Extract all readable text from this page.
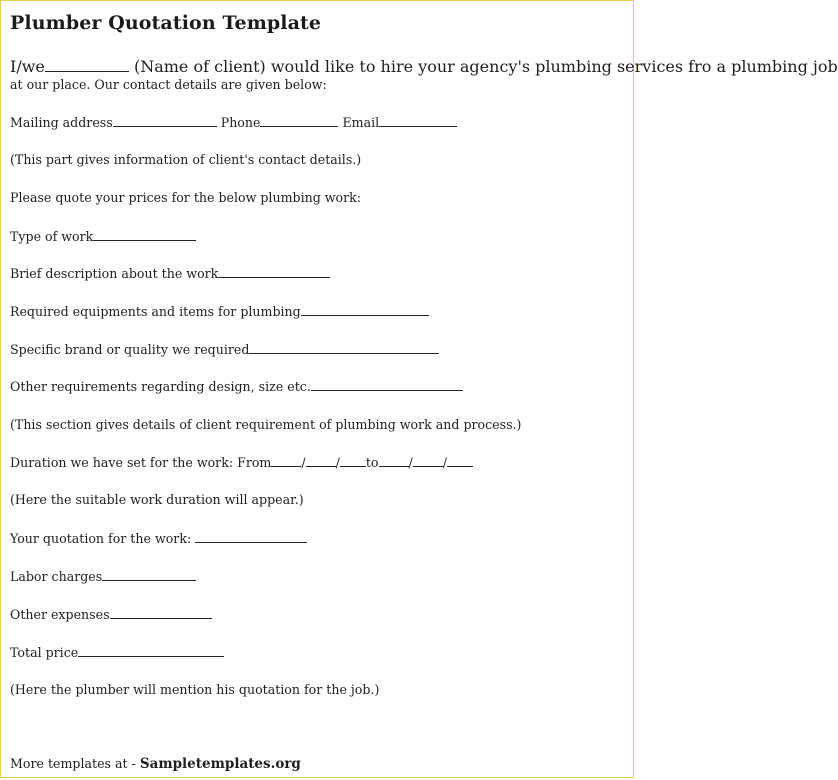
Plumber Quotation Template
I/we	(Name of client) would like to hire your agency's plumbing services fro a plumbing job
at our place. Our contact details are given below:
Mailing address	Phone	Email
(This part gives information of client's contact details.)
Please quote your prices for the below plumbing work:
Type of work
Brief description about the work
Required equipments and items for plumbing
Specific brand or quality we required
Other requirements regarding design, size etc.
(This section gives details of client requirement of plumbing work and process.)
Duration we have set for the work: From / / to / /
(Here the suitable work duration will appear.)
Your quotation for the work:
Labor charges
Other expenses
Total price
(Here the plumber will mention his quotation for the job.)
More templates at - Sampletemplates.org
